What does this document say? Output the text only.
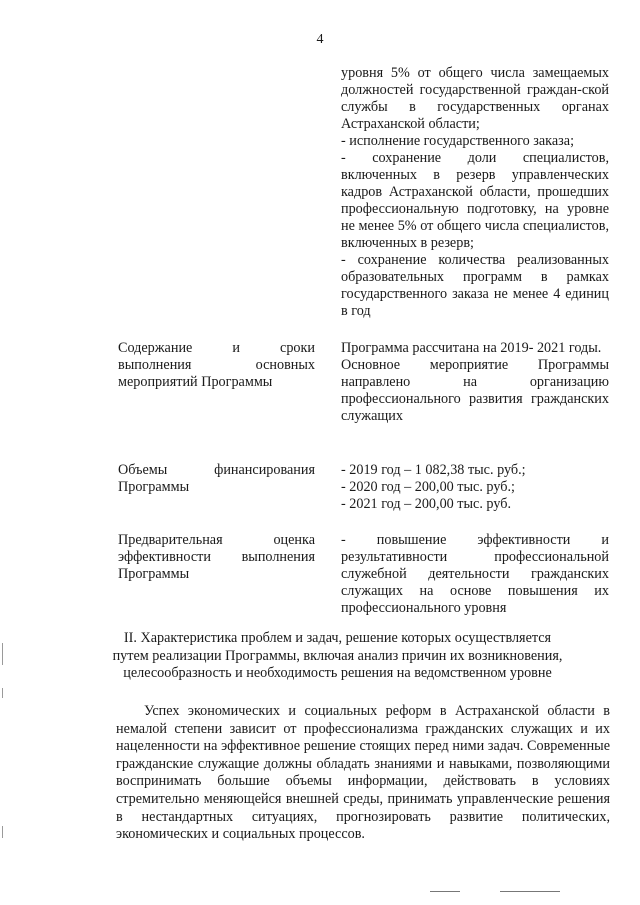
4

уровня 5% от общего числа замещаемых должностей государственной граждан-ской службы в государственных органах Астраханской области;

- исполнение государственного заказа;

- сохранение доли специалистов, включенных в резерв управленческих кадров Астраханской области, прошедших профессиональную подготовку, на уровне не менее 5% от общего числа специалистов, включенных в резерв;

- сохранение количества реализованных образовательных программ в рамках государственного заказа не менее 4 единиц в год

Содержание и сроки выполнения основных мероприятий Программы

Программа рассчитана на 2019- 2021 годы.

Основное мероприятие Программы направлено на организацию профессионального развития гражданских служащих

Объемы финансирования Программы

- 2019 год – 1 082,38 тыс. руб.;

- 2020 год – 200,00 тыс. руб.;

- 2021 год – 200,00 тыс. руб.

Предварительная оценка эффективности выполнения Программы

- повышение эффективности и результативности профессиональной служебной деятельности гражданских служащих на основе повышения их профессионального уровня

II. Характеристика проблем и задач, решение которых осуществляется

путем реализации Программы, включая анализ причин их возникновения,

целесообразность и необходимость решения на ведомственном уровне

Успех экономических и социальных реформ в Астраханской области в немалой степени зависит от профессионализма гражданских служащих и их нацеленности на эффективное решение стоящих перед ними задач. Современные гражданские служащие должны обладать знаниями и навыками, позволяющими воспринимать большие объемы информации, действовать в условиях стремительно меняющейся внешней среды, принимать управленческие решения в нестандартных ситуациях, прогнозировать развитие политических, экономических и социальных процессов.
